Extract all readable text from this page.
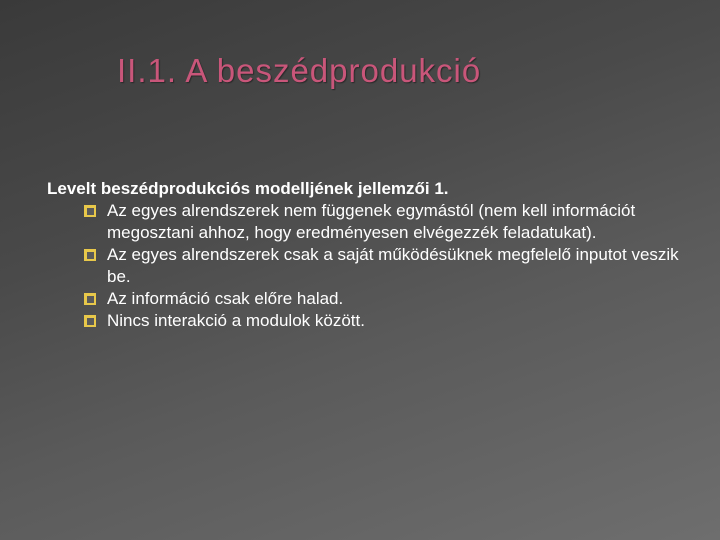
II.1. A beszédprodukció

Levelt beszédprodukciós modelljének jellemzői 1.

Az egyes alrendszerek nem függenek egymástól (nem kell információt megosztani ahhoz, hogy eredményesen elvégezzék feladatukat).
Az egyes alrendszerek csak a saját működésüknek megfelelő inputot veszik be.
Az információ csak előre halad.
Nincs interakció a modulok között.
